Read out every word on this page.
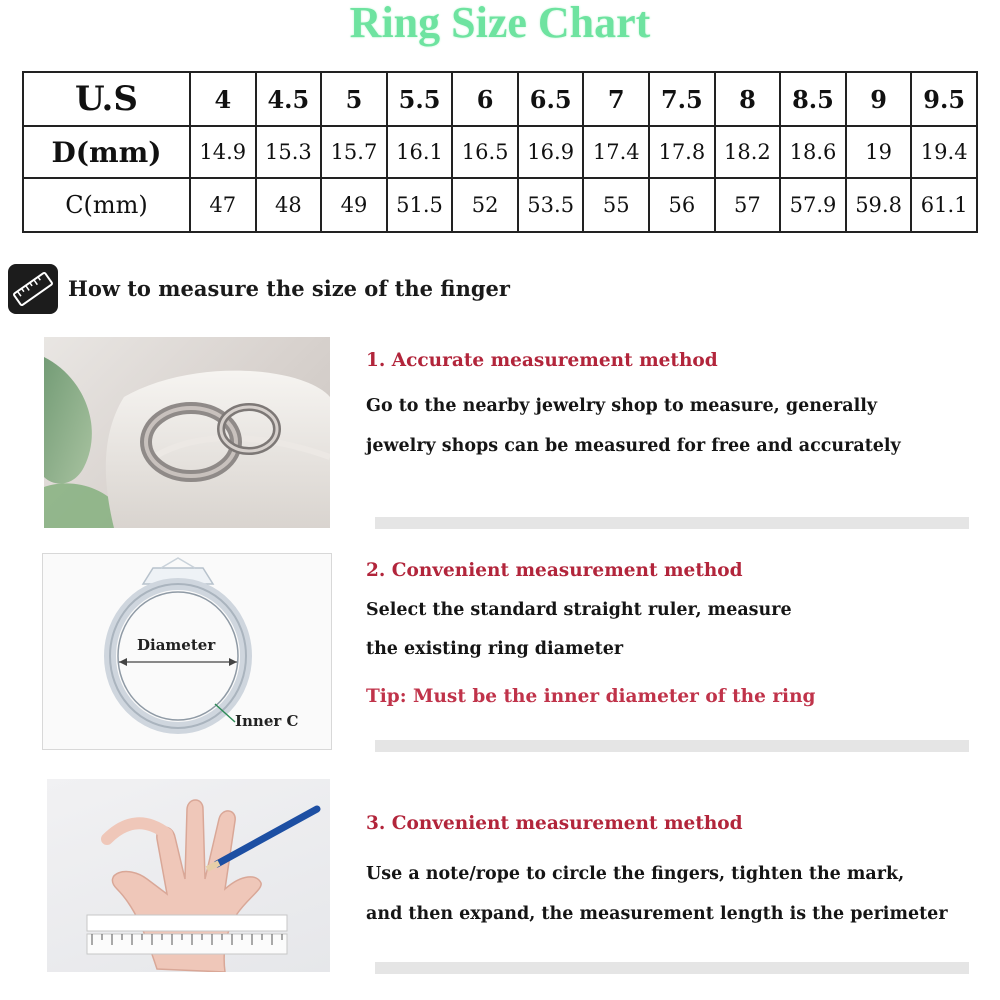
Ring Size Chart
U.S	4	4.5	5	5.5	6	6.5	7	7.5	8	8.5	9	9.5
D(mm)	14.9	15.3	15.7	16.1	16.5	16.9	17.4	17.8	18.2	18.6	19	19.4
C(mm)	47	48	49	51.5	52	53.5	55	56	57	57.9	59.8	61.1
How to measure the size of the finger
Diameter
Inner C
1. Accurate measurement method
Go to the nearby jewelry shop to measure, generally
jewelry shops can be measured for free and accurately
2. Convenient measurement method
Select the standard straight ruler, measure
the existing ring diameter
Tip: Must be the inner diameter of the ring
3. Convenient measurement method
Use a note/rope to circle the fingers, tighten the mark,
and then expand, the measurement length is the perimeter
